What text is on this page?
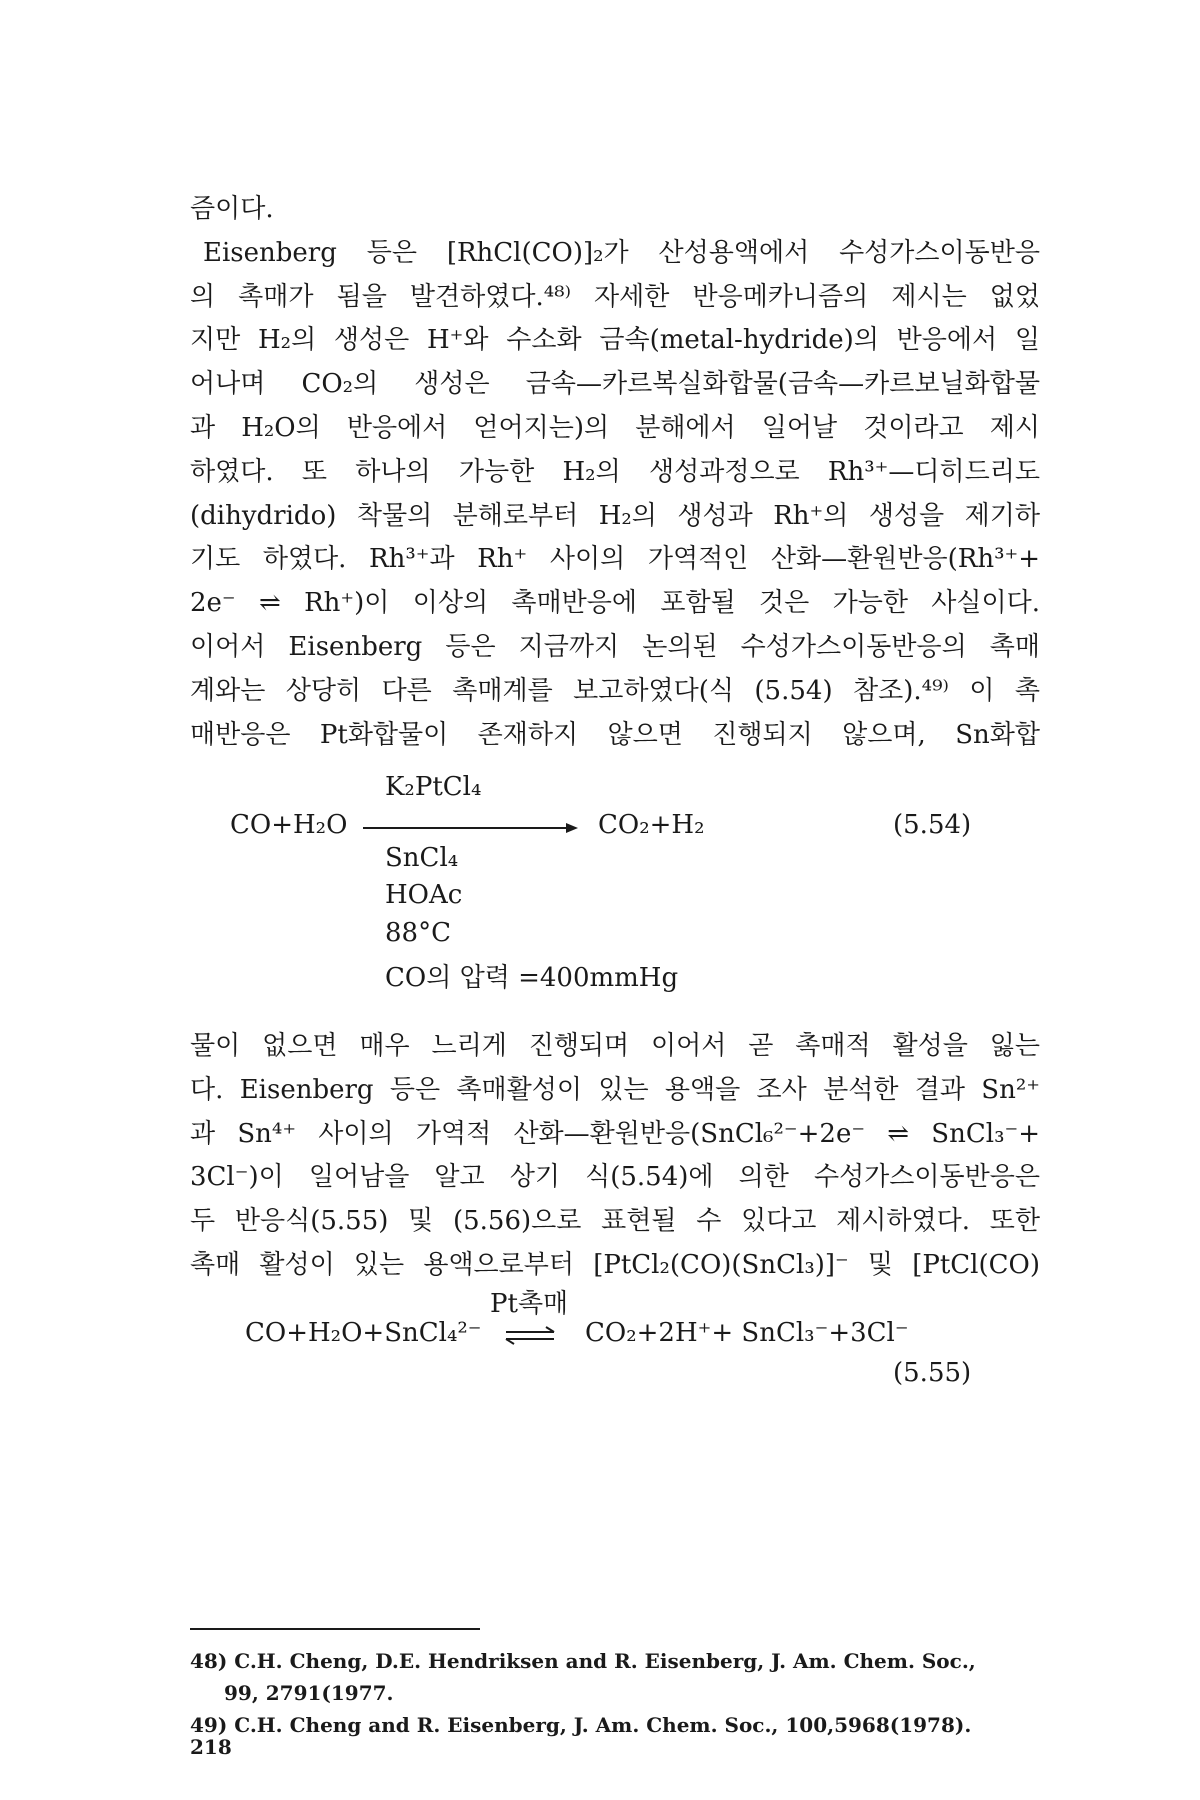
즘이다.
Eisenberg 등은 [RhCl(CO)]₂가 산성용액에서 수성가스이동반응
의 촉매가 됨을 발견하였다.⁴⁸⁾ 자세한 반응메카니즘의 제시는 없었
지만 H₂의 생성은 H⁺와 수소화 금속(metal-hydride)의 반응에서 일
어나며 CO₂의 생성은 금속—카르복실화합물(금속—카르보닐화합물
과 H₂O의 반응에서 얻어지는)의 분해에서 일어날 것이라고 제시
하였다. 또 하나의 가능한 H₂의 생성과정으로 Rh³⁺—디히드리도
(dihydrido) 착물의 분해로부터 H₂의 생성과 Rh⁺의 생성을 제기하
기도 하였다. Rh³⁺과 Rh⁺ 사이의 가역적인 산화—환원반응(Rh³⁺+
2e⁻ ⇌ Rh⁺)이 이상의 촉매반응에 포함될 것은 가능한 사실이다.
이어서 Eisenberg 등은 지금까지 논의된 수성가스이동반응의 촉매
계와는 상당히 다른 촉매계를 보고하였다(식 (5.54) 참조).⁴⁹⁾ 이 촉
매반응은 Pt화합물이 존재하지 않으면 진행되지 않으며, Sn화합
K₂PtCl₄
CO+H₂O	CO₂+H₂	(5.54)
SnCl₄
HOAc
88°C
CO의 압력 =400mmHg
물이 없으면 매우 느리게 진행되며 이어서 곧 촉매적 활성을 잃는
다. Eisenberg 등은 촉매활성이 있는 용액을 조사 분석한 결과 Sn²⁺
과 Sn⁴⁺ 사이의 가역적 산화—환원반응(SnCl₆²⁻+2e⁻ ⇌ SnCl₃⁻+
3Cl⁻)이 일어남을 알고 상기 식(5.54)에 의한 수성가스이동반응은
두 반응식(5.55) 및 (5.56)으로 표현될 수 있다고 제시하였다. 또한
촉매 활성이 있는 용액으로부터 [PtCl₂(CO)(SnCl₃)]⁻ 및 [PtCl(CO)
Pt촉매
CO+H₂O+SnCl₄²⁻	CO₂+2H⁺+ SnCl₃⁻+3Cl⁻
(5.55)
48) C.H. Cheng, D.E. Hendriksen and R. Eisenberg, J. Am. Chem. Soc.,
99, 2791(1977.
49) C.H. Cheng and R. Eisenberg, J. Am. Chem. Soc., 100,5968(1978).
218
